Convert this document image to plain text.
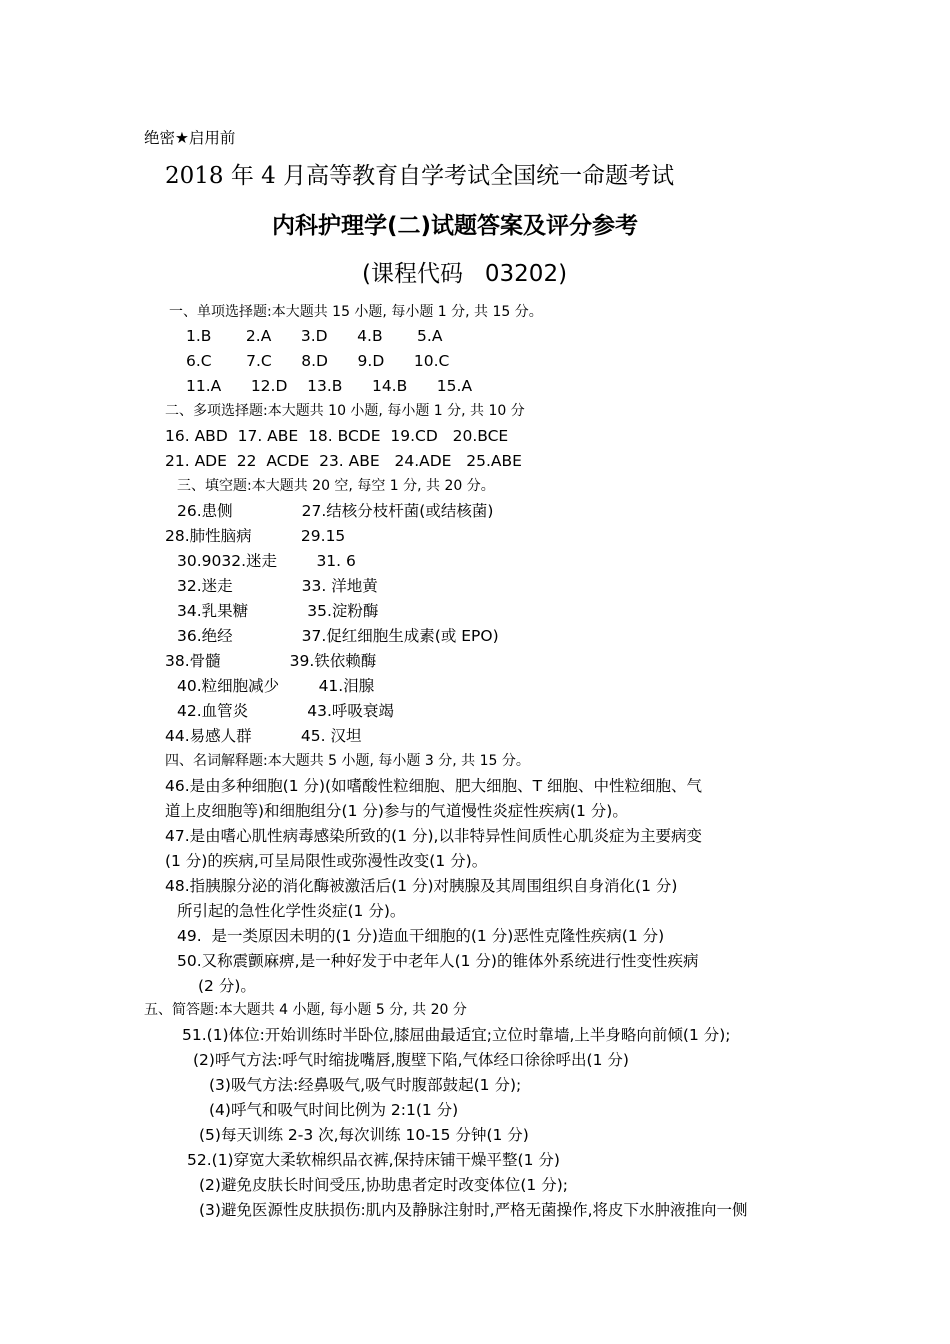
绝密★启用前
2018 年 4 月高等教育自学考试全国统一命题考试
内科护理学(二)试题答案及评分参考
(课程代码   03202)
一、单项选择题:本大题共 15 小题, 每小题 1 分, 共 15 分。
1.B       2.A      3.D      4.B       5.A
6.C       7.C      8.D      9.D      10.C
11.A      12.D    13.B      14.B      15.A
二、多项选择题:本大题共 10 小题, 每小题 1 分, 共 10 分
16. ABD  17. ABE  18. BCDE  19.CD   20.BCE
21. ADE  22  ACDE  23. ABE   24.ADE   25.ABE
三、填空题:本大题共 20 空, 每空 1 分, 共 20 分。
26.患侧              27.结核分枝杆菌(或结核菌)
28.肺性脑病          29.15
30.9032.迷走        31. 6
32.迷走              33. 洋地黄
34.乳果糖            35.淀粉酶
36.绝经              37.促红细胞生成素(或 EPO)
38.骨髓              39.铁依赖酶
40.粒细胞减少        41.泪腺
42.血管炎            43.呼吸衰竭
44.易感人群          45. 汉坦
四、名词解释题:本大题共 5 小题, 每小题 3 分, 共 15 分。
46.是由多种细胞(1 分)(如嗜酸性粒细胞、肥大细胞、T 细胞、中性粒细胞、气
道上皮细胞等)和细胞组分(1 分)参与的气道慢性炎症性疾病(1 分)。
47.是由嗜心肌性病毒感染所致的(1 分),以非特异性间质性心肌炎症为主要病变
(1 分)的疾病,可呈局限性或弥漫性改变(1 分)。
48.指胰腺分泌的消化酶被激活后(1 分)对胰腺及其周围组织自身消化(1 分)
所引起的急性化学性炎症(1 分)。
49.  是一类原因未明的(1 分)造血干细胞的(1 分)恶性克隆性疾病(1 分)
50.又称震颤麻痹,是一种好发于中老年人(1 分)的锥体外系统进行性变性疾病
(2 分)。
五、简答题:本大题共 4 小题, 每小题 5 分, 共 20 分
51.(1)体位:开始训练时半卧位,膝屈曲最适宜;立位时靠墙,上半身略向前倾(1 分);
(2)呼气方法:呼气时缩拢嘴唇,腹壁下陷,气体经口徐徐呼出(1 分)
(3)吸气方法:经鼻吸气,吸气时腹部鼓起(1 分);
(4)呼气和吸气时间比例为 2:1(1 分)
(5)每天训练 2-3 次,每次训练 10-15 分钟(1 分)
52.(1)穿宽大柔软棉织品衣裤,保持床铺干燥平整(1 分)
(2)避免皮肤长时间受压,协助患者定时改变体位(1 分);
(3)避免医源性皮肤损伤:肌内及静脉注射时,严格无菌操作,将皮下水肿液推向一侧
